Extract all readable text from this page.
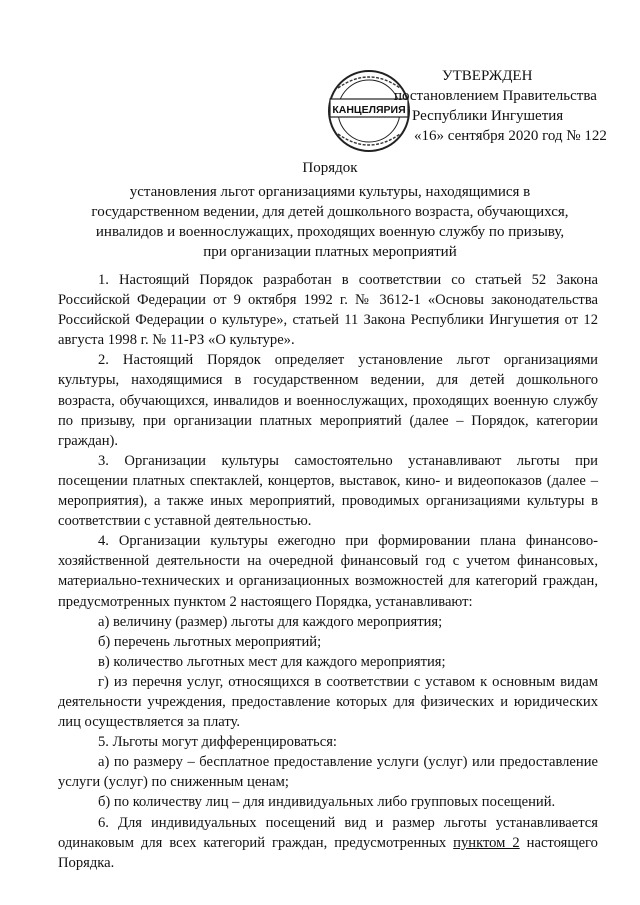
КАНЦЕЛЯРИЯ
УТВЕРЖДЕН
постановлением Правительства
Республики Ингушетия
«16» сентября 2020 год № 122
Порядок
установления льгот организациями культуры, находящимися в
государственном ведении, для детей дошкольного возраста, обучающихся,
инвалидов и военнослужащих, проходящих военную службу по призыву,
при организации платных мероприятий

1. Настоящий Порядок разработан в соответствии со статьей 52 Закона Российской Федерации от 9 октября 1992 г. № 3612-1 «Основы законодательства Российской Федерации о культуре», статьей 11 Закона Республики Ингушетия от 12 августа 1998 г. № 11-РЗ «О культуре».

2. Настоящий Порядок определяет установление льгот организациями культуры, находящимися в государственном ведении, для детей дошкольного возраста, обучающихся, инвалидов и военнослужащих, проходящих военную службу по призыву, при организации платных мероприятий (далее – Порядок, категории граждан).

3. Организации культуры самостоятельно устанавливают льготы при посещении платных спектаклей, концертов, выставок, кино- и видеопоказов (далее – мероприятия), а также иных мероприятий, проводимых организациями культуры в соответствии с уставной деятельностью.

4. Организации культуры ежегодно при формировании плана финансово-хозяйственной деятельности на очередной финансовый год с учетом финансовых, материально-технических и организационных возможностей для категорий граждан, предусмотренных пунктом 2 настоящего Порядка, устанавливают:

а) величину (размер) льготы для каждого мероприятия;

б) перечень льготных мероприятий;

в) количество льготных мест для каждого мероприятия;

г) из перечня услуг, относящихся в соответствии с уставом к основным видам деятельности учреждения, предоставление которых для физических и юридических лиц осуществляется за плату.

5. Льготы могут дифференцироваться:

а) по размеру – бесплатное предоставление услуги (услуг) или предоставление услуги (услуг) по сниженным ценам;

б) по количеству лиц – для индивидуальных либо групповых посещений.

6. Для индивидуальных посещений вид и размер льготы устанавливается одинаковым для всех категорий граждан, предусмотренных пунктом 2 настоящего Порядка.
